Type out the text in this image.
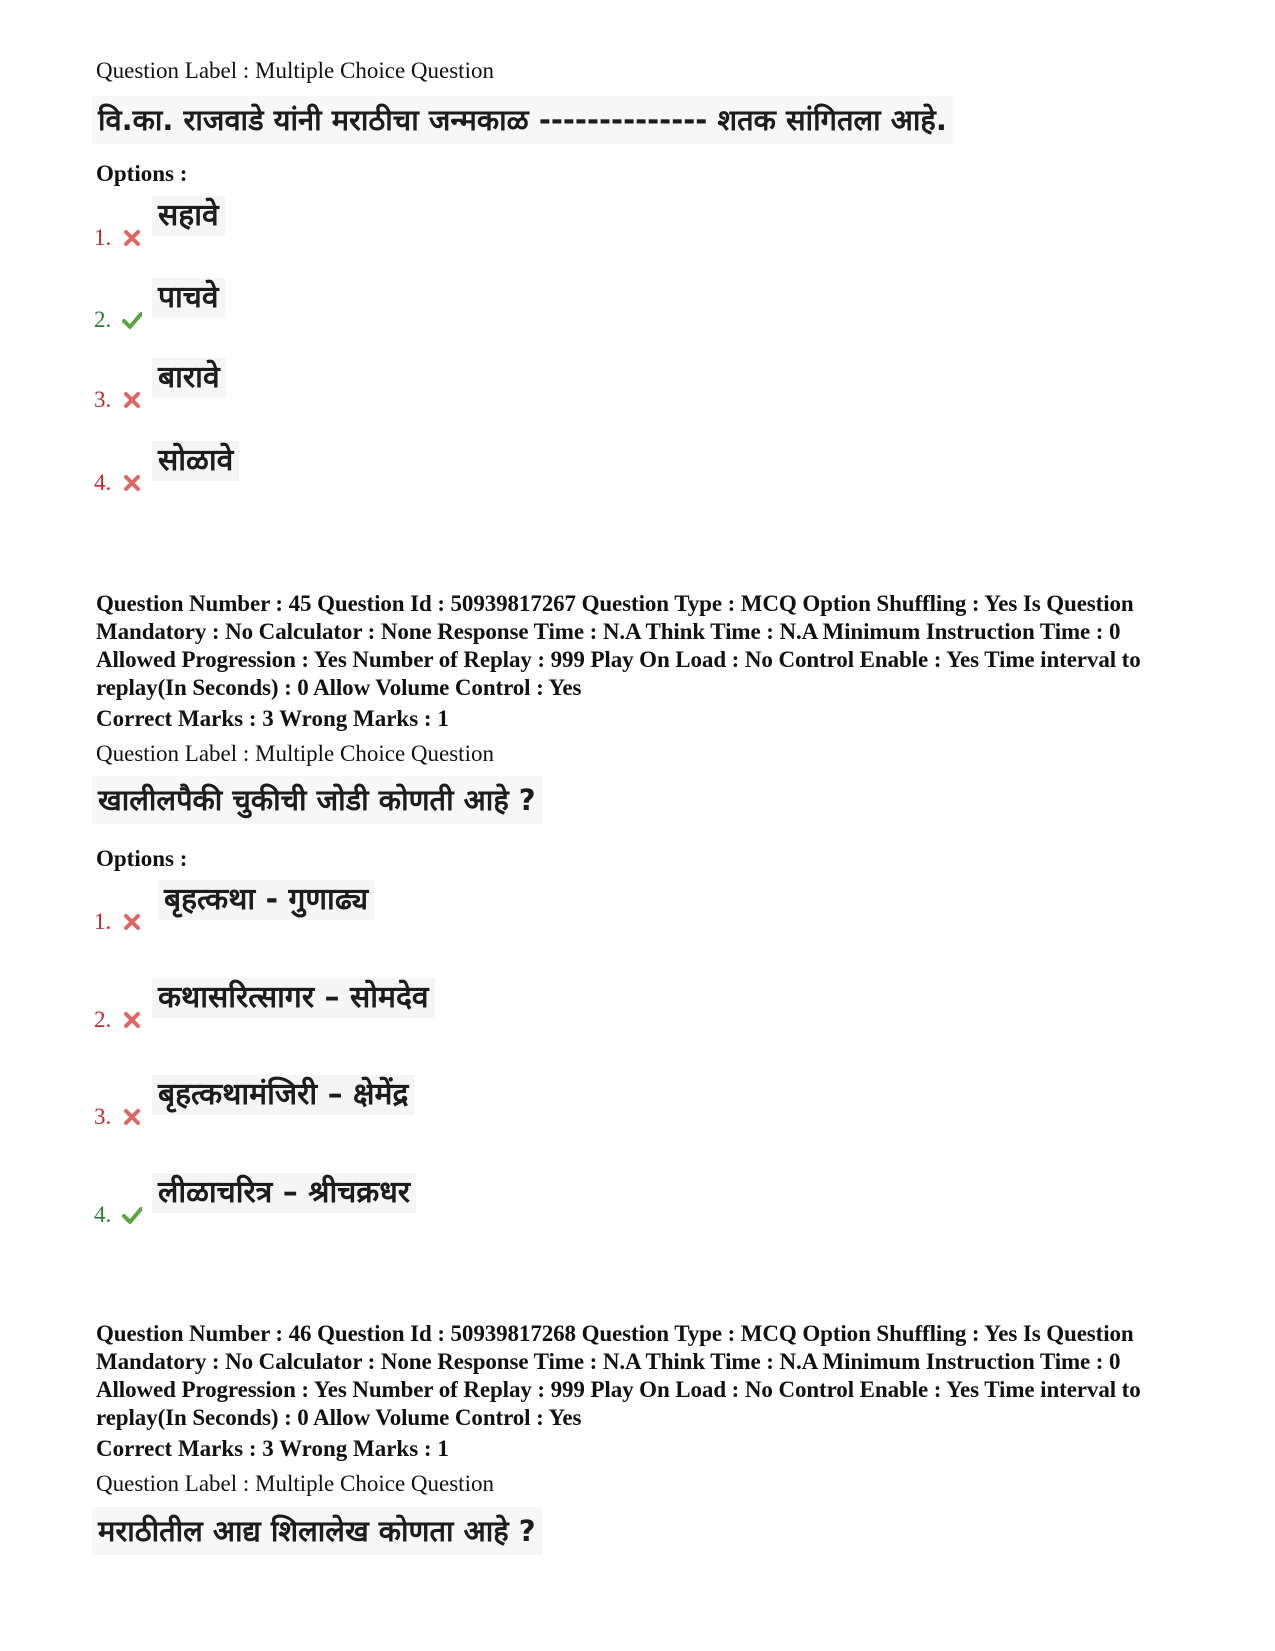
Question Label : Multiple Choice Question
वि.का. राजवाडे यांनी मराठीचा जन्मकाळ -------------- शतक सांगितला आहे.
Options :
1.
सहावे
2.
पाचवे
3.
बारावे
4.
सोळावे
Question Number : 45 Question Id : 50939817267 Question Type : MCQ Option Shuffling : Yes Is Question Mandatory : No Calculator : None Response Time : N.A Think Time : N.A Minimum Instruction Time : 0 Allowed Progression : Yes Number of Replay : 999 Play On Load : No Control Enable : Yes Time interval to replay(In Seconds) : 0 Allow Volume Control : Yes
Correct Marks : 3 Wrong Marks : 1
Question Label : Multiple Choice Question
खालीलपैकी चुकीची जोडी कोणती आहे ?
Options :
1.
बृहत्कथा - गुणाढ्य
2.
कथासरित्सागर – सोमदेव
3.
बृहत्कथामंजिरी – क्षेमेंद्र
4.
लीळाचरित्र – श्रीचक्रधर
Question Number : 46 Question Id : 50939817268 Question Type : MCQ Option Shuffling : Yes Is Question Mandatory : No Calculator : None Response Time : N.A Think Time : N.A Minimum Instruction Time : 0 Allowed Progression : Yes Number of Replay : 999 Play On Load : No Control Enable : Yes Time interval to replay(In Seconds) : 0 Allow Volume Control : Yes
Correct Marks : 3 Wrong Marks : 1
Question Label : Multiple Choice Question
मराठीतील आद्य शिलालेख कोणता आहे ?
